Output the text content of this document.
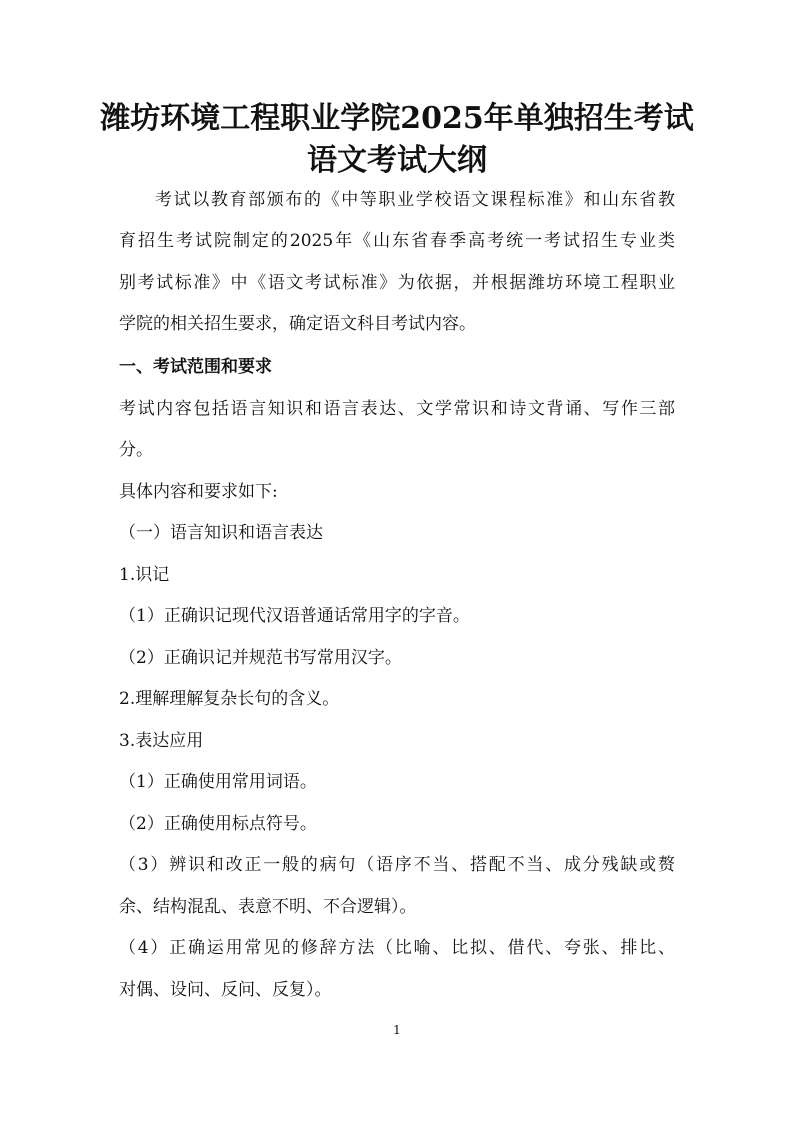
潍坊环境工程职业学院2025年单独招生考试
语文考试大纲
考试以教育部颁布的《中等职业学校语文课程标准》和山东省教
育招生考试院制定的2025年《山东省春季高考统一考试招生专业类
别考试标准》中《语文考试标准》为依据，并根据潍坊环境工程职业
学院的相关招生要求，确定语文科目考试内容。
一、考试范围和要求
考试内容包括语言知识和语言表达、文学常识和诗文背诵、写作三部
分。
具体内容和要求如下:
（一）语言知识和语言表达
1.识记
（1）正确识记现代汉语普通话常用字的字音。
（2）正确识记并规范书写常用汉字。
2.理解理解复杂长句的含义。
3.表达应用
（1）正确使用常用词语。
（2）正确使用标点符号。
（3）辨识和改正一般的病句（语序不当、搭配不当、成分残缺或赘
余、结构混乱、表意不明、不合逻辑）。
（4）正确运用常见的修辞方法（比喻、比拟、借代、夸张、排比、
对偶、设问、反问、反复）。
1
